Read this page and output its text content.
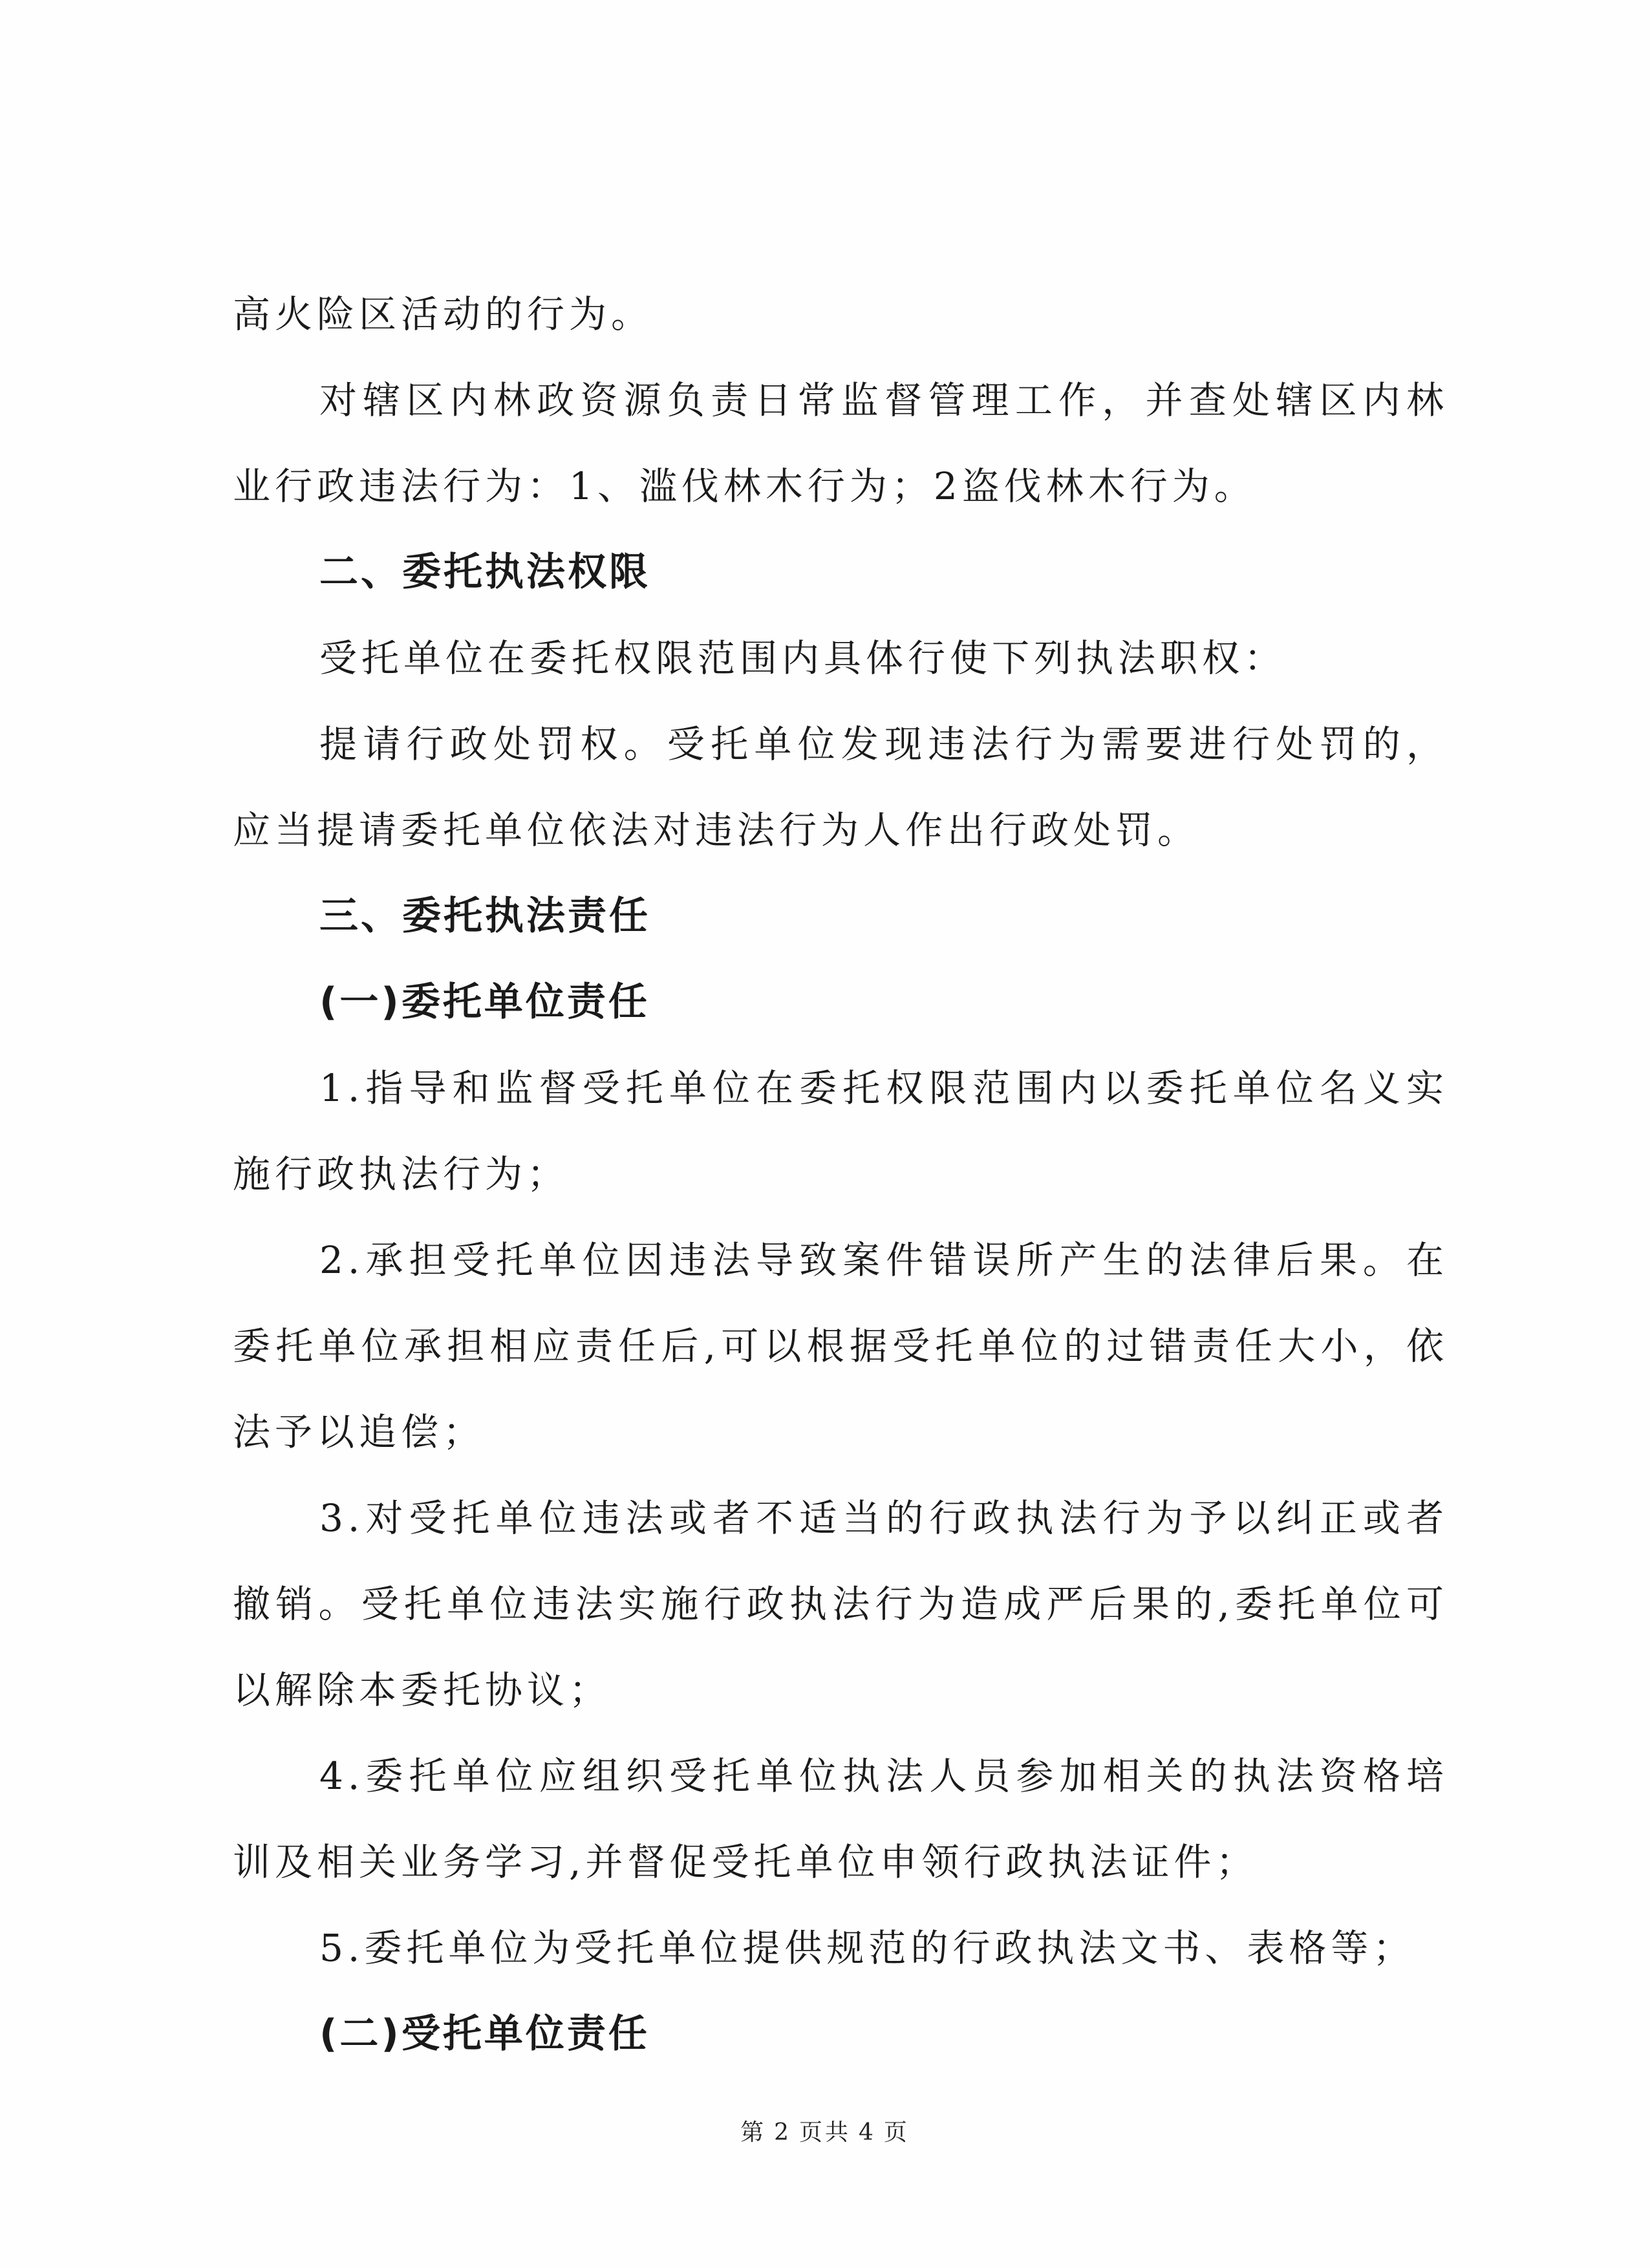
高火险区活动的行为。

对辖区内林政资源负责日常监督管理工作，并查处辖区内林业行政违法行为：1、滥伐林木行为；2盗伐林木行为。

二、委托执法权限

受托单位在委托权限范围内具体行使下列执法职权：

提请行政处罚权。受托单位发现违法行为需要进行处罚的，应当提请委托单位依法对违法行为人作出行政处罚。

三、委托执法责任

(一)委托单位责任

1.指导和监督受托单位在委托权限范围内以委托单位名义实施行政执法行为；

2.承担受托单位因违法导致案件错误所产生的法律后果。在委托单位承担相应责任后,可以根据受托单位的过错责任大小，依法予以追偿；

3.对受托单位违法或者不适当的行政执法行为予以纠正或者撤销。受托单位违法实施行政执法行为造成严后果的,委托单位可以解除本委托协议；

4.委托单位应组织受托单位执法人员参加相关的执法资格培训及相关业务学习,并督促受托单位申领行政执法证件；

5.委托单位为受托单位提供规范的行政执法文书、表格等；

(二)受托单位责任

第 2 页共 4 页
